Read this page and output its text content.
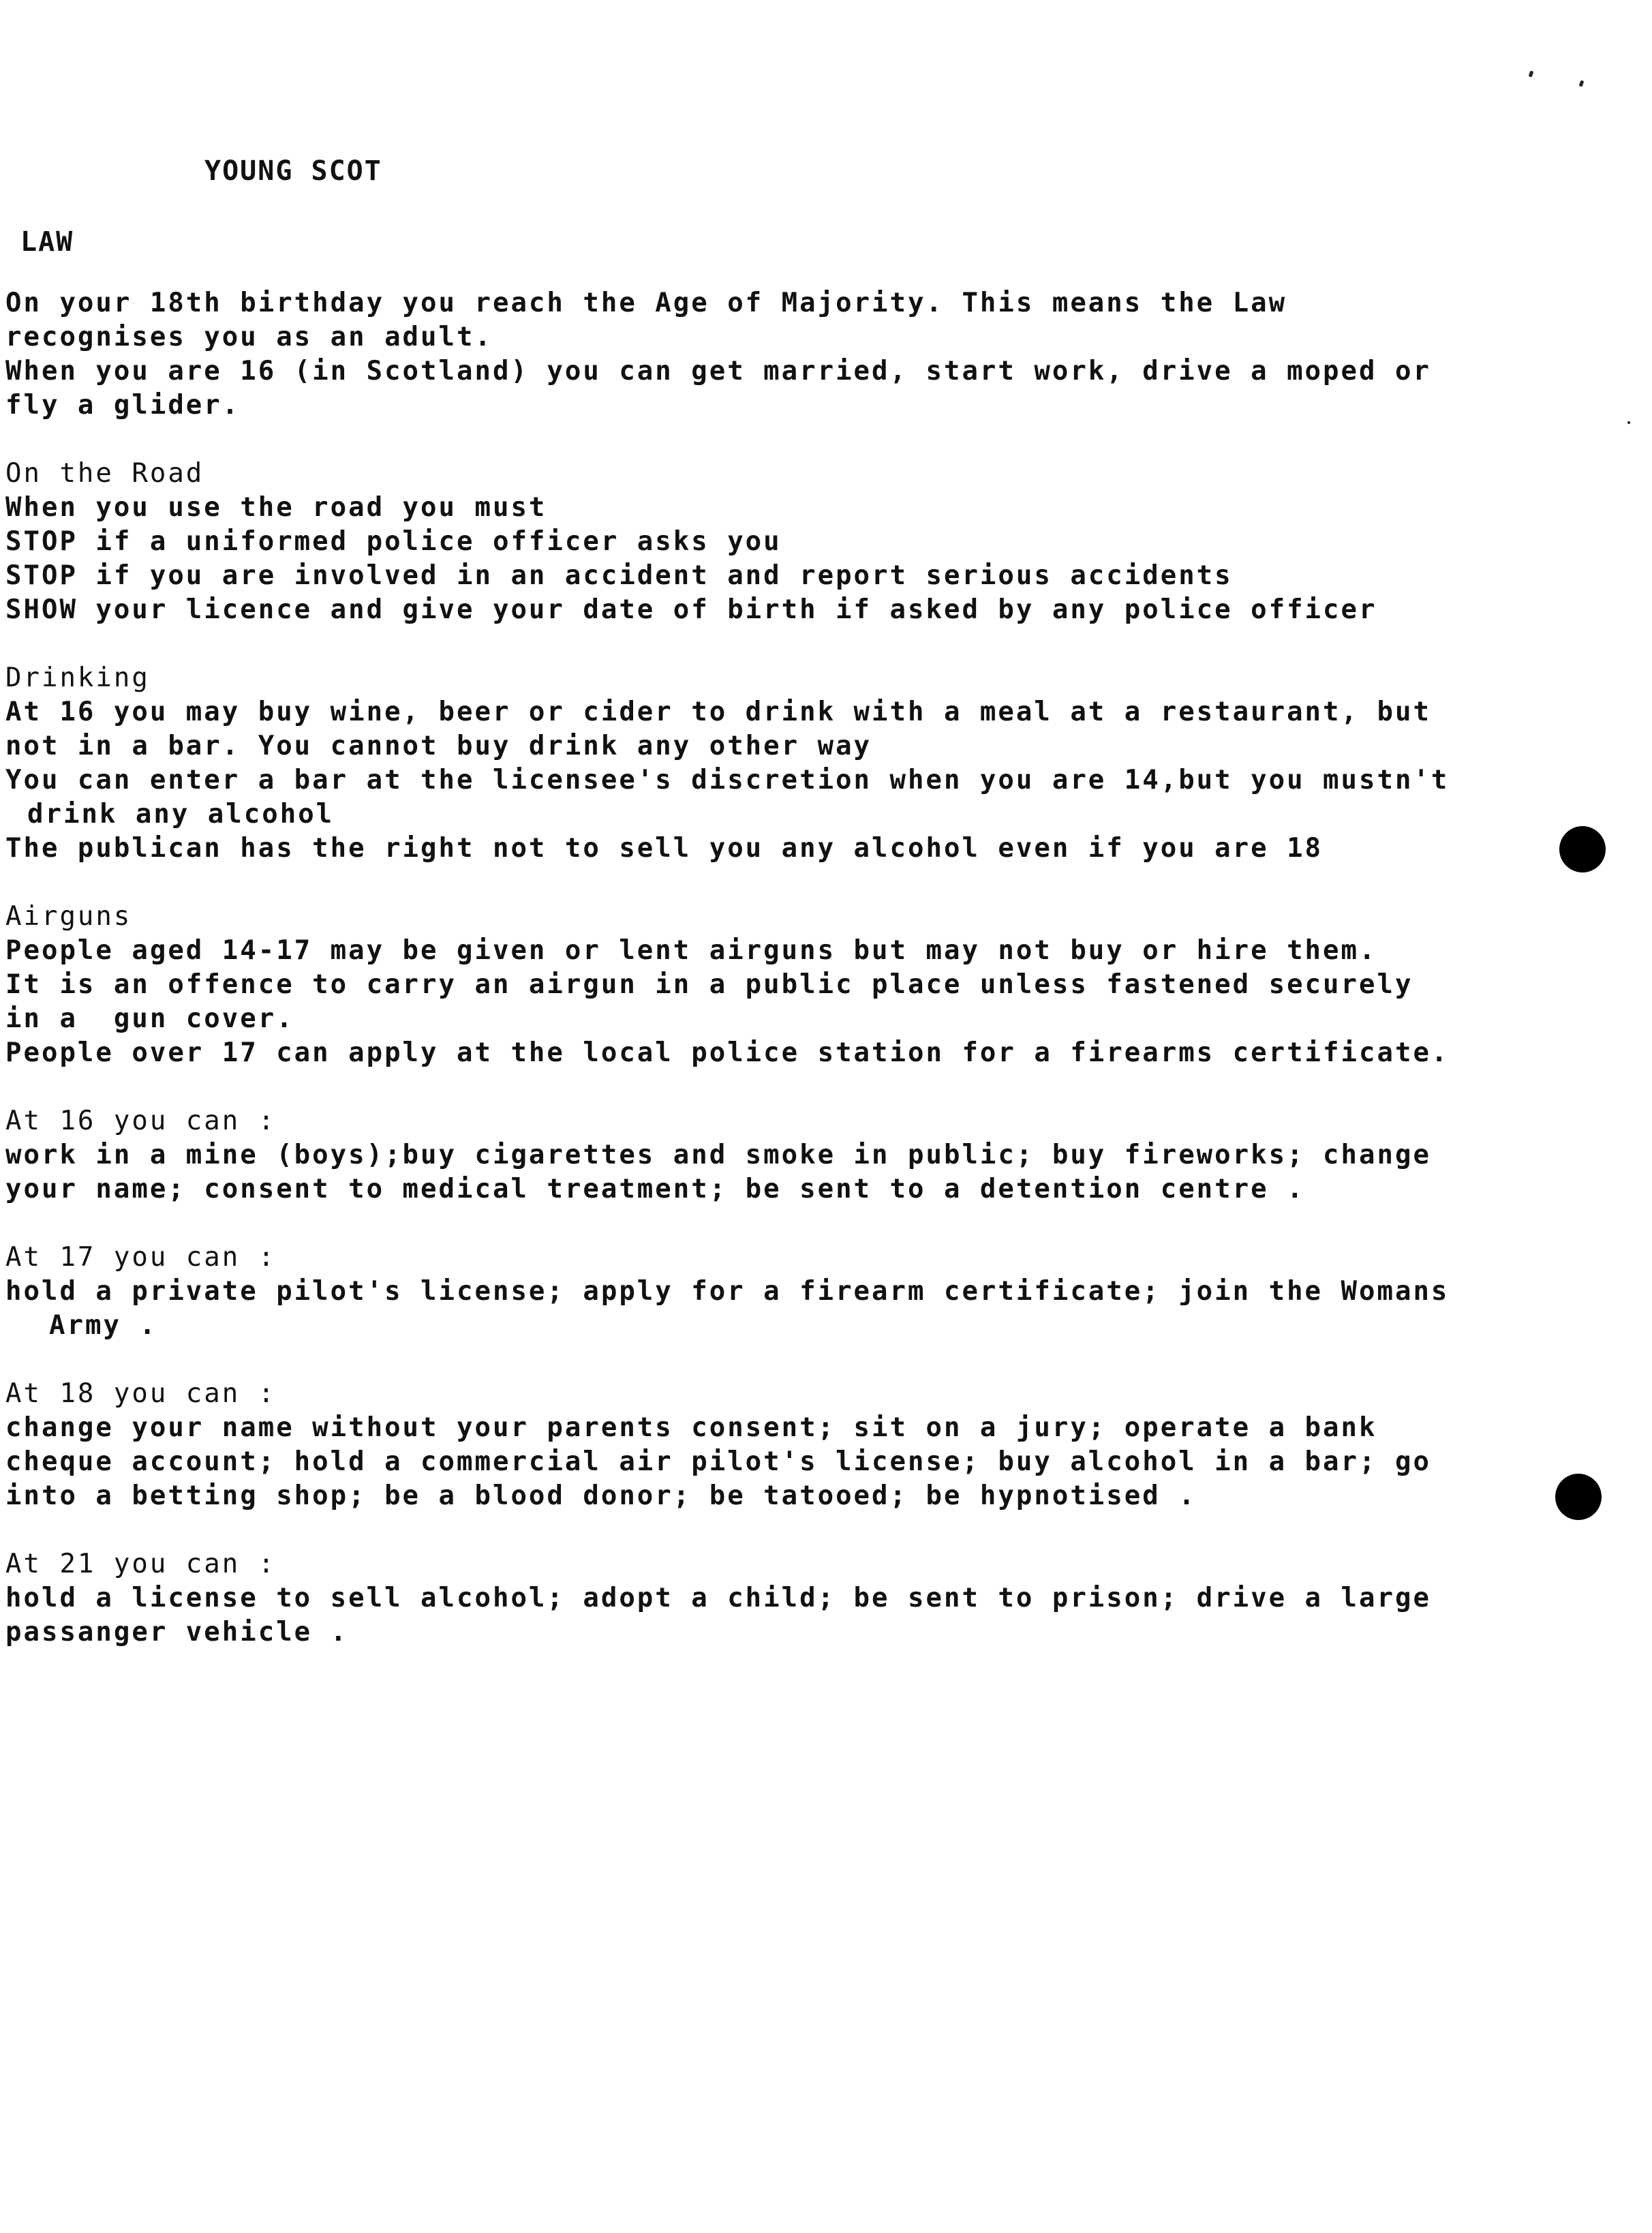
YOUNG SCOT
LAW
On your 18th birthday you reach the Age of Majority. This means the Law
recognises you as an adult.
When you are 16 (in Scotland) you can get married, start work, drive a moped or
fly a glider.
On the Road
When you use the road you must
STOP if a uniformed police officer asks you
STOP if you are involved in an accident and report serious accidents
SHOW your licence and give your date of birth if asked by any police officer
Drinking
At 16 you may buy wine, beer or cider to drink with a meal at a restaurant, but
not in a bar. You cannot buy drink any other way
You can enter a bar at the licensee's discretion when you are 14,but you mustn't
drink any alcohol
The publican has the right not to sell you any alcohol even if you are 18
Airguns
People aged 14-17 may be given or lent airguns but may not buy or hire them.
It is an offence to carry an airgun in a public place unless fastened securely
in a  gun cover.
People over 17 can apply at the local police station for a firearms certificate.
At 16 you can :
work in a mine (boys);buy cigarettes and smoke in public; buy fireworks; change
your name; consent to medical treatment; be sent to a detention centre .
At 17 you can :
hold a private pilot's license; apply for a firearm certificate; join the Womans
Army .
At 18 you can :
change your name without your parents consent; sit on a jury; operate a bank
cheque account; hold a commercial air pilot's license; buy alcohol in a bar; go
into a betting shop; be a blood donor; be tatooed; be hypnotised .
At 21 you can :
hold a license to sell alcohol; adopt a child; be sent to prison; drive a large
passanger vehicle .
